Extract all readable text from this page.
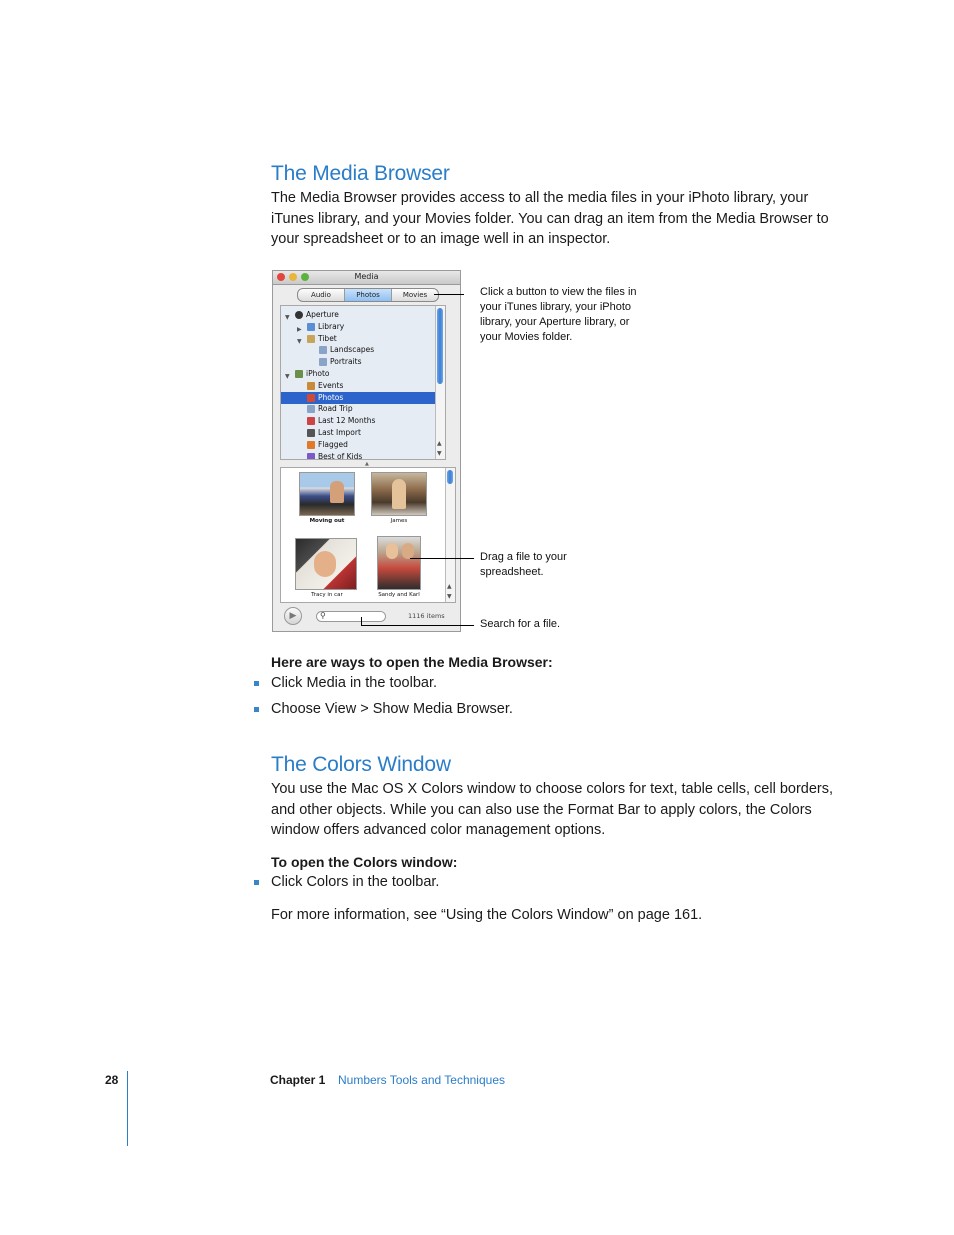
The Media Browser
The Media Browser provides access to all the media files in your iPhoto library, your
iTunes library, and your Movies folder. You can drag an item from the Media Browser to
your spreadsheet or to an image well in an inspector.
Media
Audio	Photos	Movies
Best of Kids
Flagged
Last Import
Last 12 Months
Road Trip
Photos
Events
▼ iPhoto
Portraits
Landscapes
▼ Tibet
▶ Library
▼ Aperture
▲
▼
▲
▲
▼
Moving out	James
Tracy in car	Sandy and Karl
▶	⚲	1116 items
Click a button to view the files in
your iTunes library, your iPhoto
library, your Aperture library, or
your Movies folder.
Drag a file to your
spreadsheet.
Search for a file.
Here are ways to open the Media Browser:
Click Media in the toolbar.
Choose View > Show Media Browser.
The Colors Window
You use the Mac OS X Colors window to choose colors for text, table cells, cell borders,
and other objects. While you can also use the Format Bar to apply colors, the Colors
window offers advanced color management options.
To open the Colors window:
Click Colors in the toolbar.
For more information, see “Using the Colors Window” on page 161.
28	Chapter 1 Numbers Tools and Techniques
